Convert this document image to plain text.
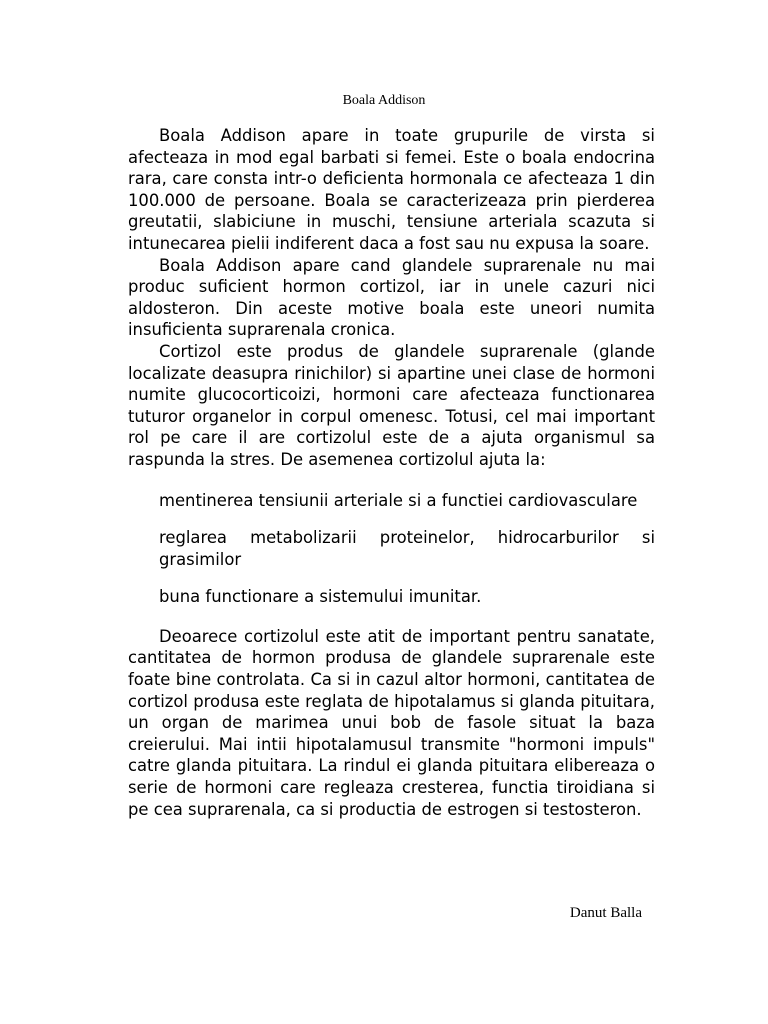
Boala Addison

Boala Addison apare in toate grupurile de virsta si afecteaza in mod egal barbati si femei. Este o boala endocrina rara, care consta intr-o deficienta hormonala ce afecteaza 1 din 100.000 de persoane. Boala se caracterizeaza prin pierderea greutatii, slabiciune in muschi, tensiune arteriala scazuta si intunecarea pielii indiferent daca a fost sau nu expusa la soare.

Boala Addison apare cand glandele suprarenale nu mai produc suficient hormon cortizol, iar in unele cazuri nici aldosteron. Din aceste motive boala este uneori numita insuficienta suprarenala cronica.

Cortizol este produs de glandele suprarenale (glande localizate deasupra rinichilor) si apartine unei clase de hormoni numite glucocorticoizi, hormoni care afecteaza functionarea tuturor organelor in corpul omenesc. Totusi, cel mai important rol pe care il are cortizolul este de a ajuta organismul sa raspunda la stres. De asemenea cortizolul ajuta la:

mentinerea tensiunii arteriale si a functiei cardiovasculare
reglarea metabolizarii proteinelor, hidrocarburilor si grasimilor
buna functionare a sistemului imunitar.

Deoarece cortizolul este atit de important pentru sanatate, cantitatea de hormon produsa de glandele suprarenale este foate bine controlata. Ca si in cazul altor hormoni, cantitatea de cortizol produsa este reglata de hipotalamus si glanda pituitara, un organ de marimea unui bob de fasole situat la baza creierului. Mai intii hipotalamusul transmite "hormoni impuls" catre glanda pituitara. La rindul ei glanda pituitara elibereaza o serie de hormoni care regleaza cresterea, functia tiroidiana si pe cea suprarenala, ca si productia de estrogen si testosteron.

Danut Balla
